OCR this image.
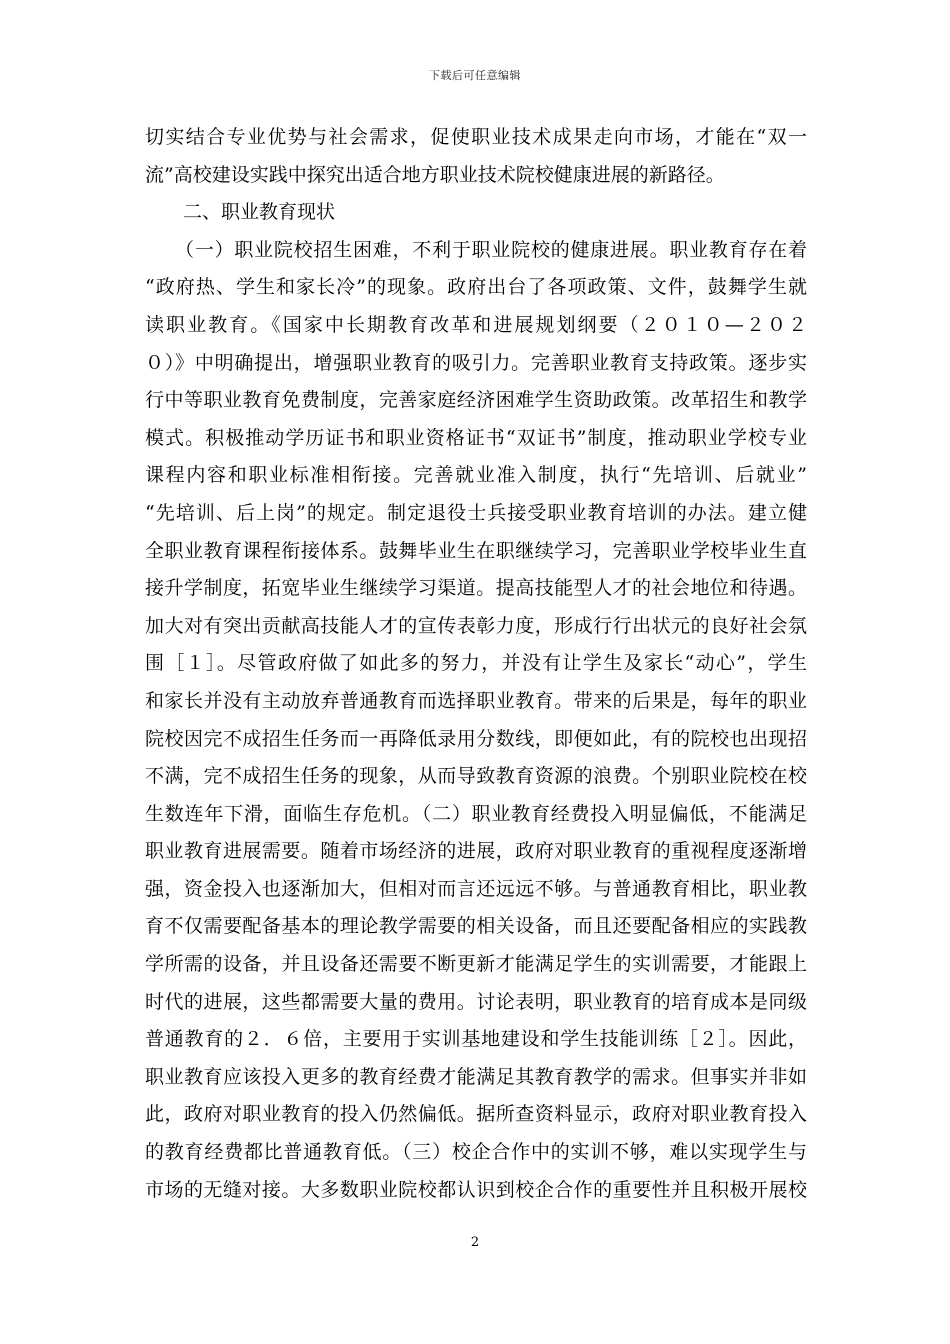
下载后可任意编辑
切实结合专业优势与社会需求，促使职业技术成果走向市场，才能在“双一
流”高校建设实践中探究出适合地方职业技术院校健康进展的新路径。
　　二、职业教育现状
　　（一）职业院校招生困难，不利于职业院校的健康进展。职业教育存在着
“政府热、学生和家长冷”的现象。政府出台了各项政策、文件，鼓舞学生就
读职业教育。《国家中长期教育改革和进展规划纲要（２０１０—２０２
０）》中明确提出，增强职业教育的吸引力。完善职业教育支持政策。逐步实
行中等职业教育免费制度，完善家庭经济困难学生资助政策。改革招生和教学
模式。积极推动学历证书和职业资格证书“双证书”制度，推动职业学校专业
课程内容和职业标准相衔接。完善就业准入制度，执行“先培训、后就业”
“先培训、后上岗”的规定。制定退役士兵接受职业教育培训的办法。建立健
全职业教育课程衔接体系。鼓舞毕业生在职继续学习，完善职业学校毕业生直
接升学制度，拓宽毕业生继续学习渠道。提高技能型人才的社会地位和待遇。
加大对有突出贡献高技能人才的宣传表彰力度，形成行行出状元的良好社会氛
围［１］。尽管政府做了如此多的努力，并没有让学生及家长“动心”，学生
和家长并没有主动放弃普通教育而选择职业教育。带来的后果是，每年的职业
院校因完不成招生任务而一再降低录用分数线，即便如此，有的院校也出现招
不满，完不成招生任务的现象，从而导致教育资源的浪费。个别职业院校在校
生数连年下滑，面临生存危机。（二）职业教育经费投入明显偏低，不能满足
职业教育进展需要。随着市场经济的进展，政府对职业教育的重视程度逐渐增
强，资金投入也逐渐加大，但相对而言还远远不够。与普通教育相比，职业教
育不仅需要配备基本的理论教学需要的相关设备，而且还要配备相应的实践教
学所需的设备，并且设备还需要不断更新才能满足学生的实训需要，才能跟上
时代的进展，这些都需要大量的费用。讨论表明，职业教育的培育成本是同级
普通教育的２．６倍，主要用于实训基地建设和学生技能训练［２］。因此，
职业教育应该投入更多的教育经费才能满足其教育教学的需求。但事实并非如
此，政府对职业教育的投入仍然偏低。据所查资料显示，政府对职业教育投入
的教育经费都比普通教育低。（三）校企合作中的实训不够，难以实现学生与
市场的无缝对接。大多数职业院校都认识到校企合作的重要性并且积极开展校
2
